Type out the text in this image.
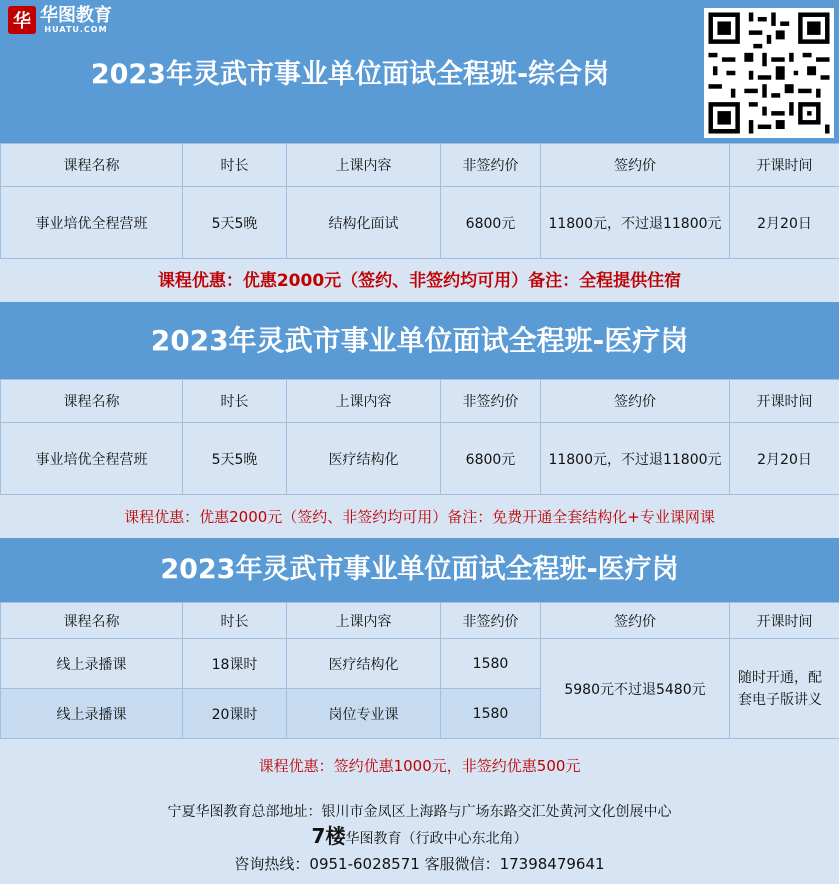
华 华图教育
HUATU.COM
2023年灵武市事业单位面试全程班-综合岗
课程名称	时长	上课内容	非签约价	签约价	开课时间
事业培优全程营班	5天5晚	结构化面试	6800元	11800元，不过退11800元	2月20日
课程优惠：优惠2000元（签约、非签约均可用）备注：全程提供住宿
2023年灵武市事业单位面试全程班-医疗岗
课程名称	时长	上课内容	非签约价	签约价	开课时间
事业培优全程营班	5天5晚	医疗结构化	6800元	11800元，不过退11800元	2月20日
课程优惠：优惠2000元（签约、非签约均可用）备注：免费开通全套结构化+专业课网课
2023年灵武市事业单位面试全程班-医疗岗
课程名称	时长	上课内容	非签约价	签约价	开课时间
线上录播课	18课时	医疗结构化	1580	5980元不过退5480元	随时开通，配套电子版讲义
线上录播课	20课时	岗位专业课	1580		
课程优惠：签约优惠1000元，非签约优惠500元
宁夏华图教育总部地址：银川市金凤区上海路与广场东路交汇处黄河文化创展中心
7楼华图教育（行政中心东北角）
咨询热线：0951-6028571 客服微信：17398479641
